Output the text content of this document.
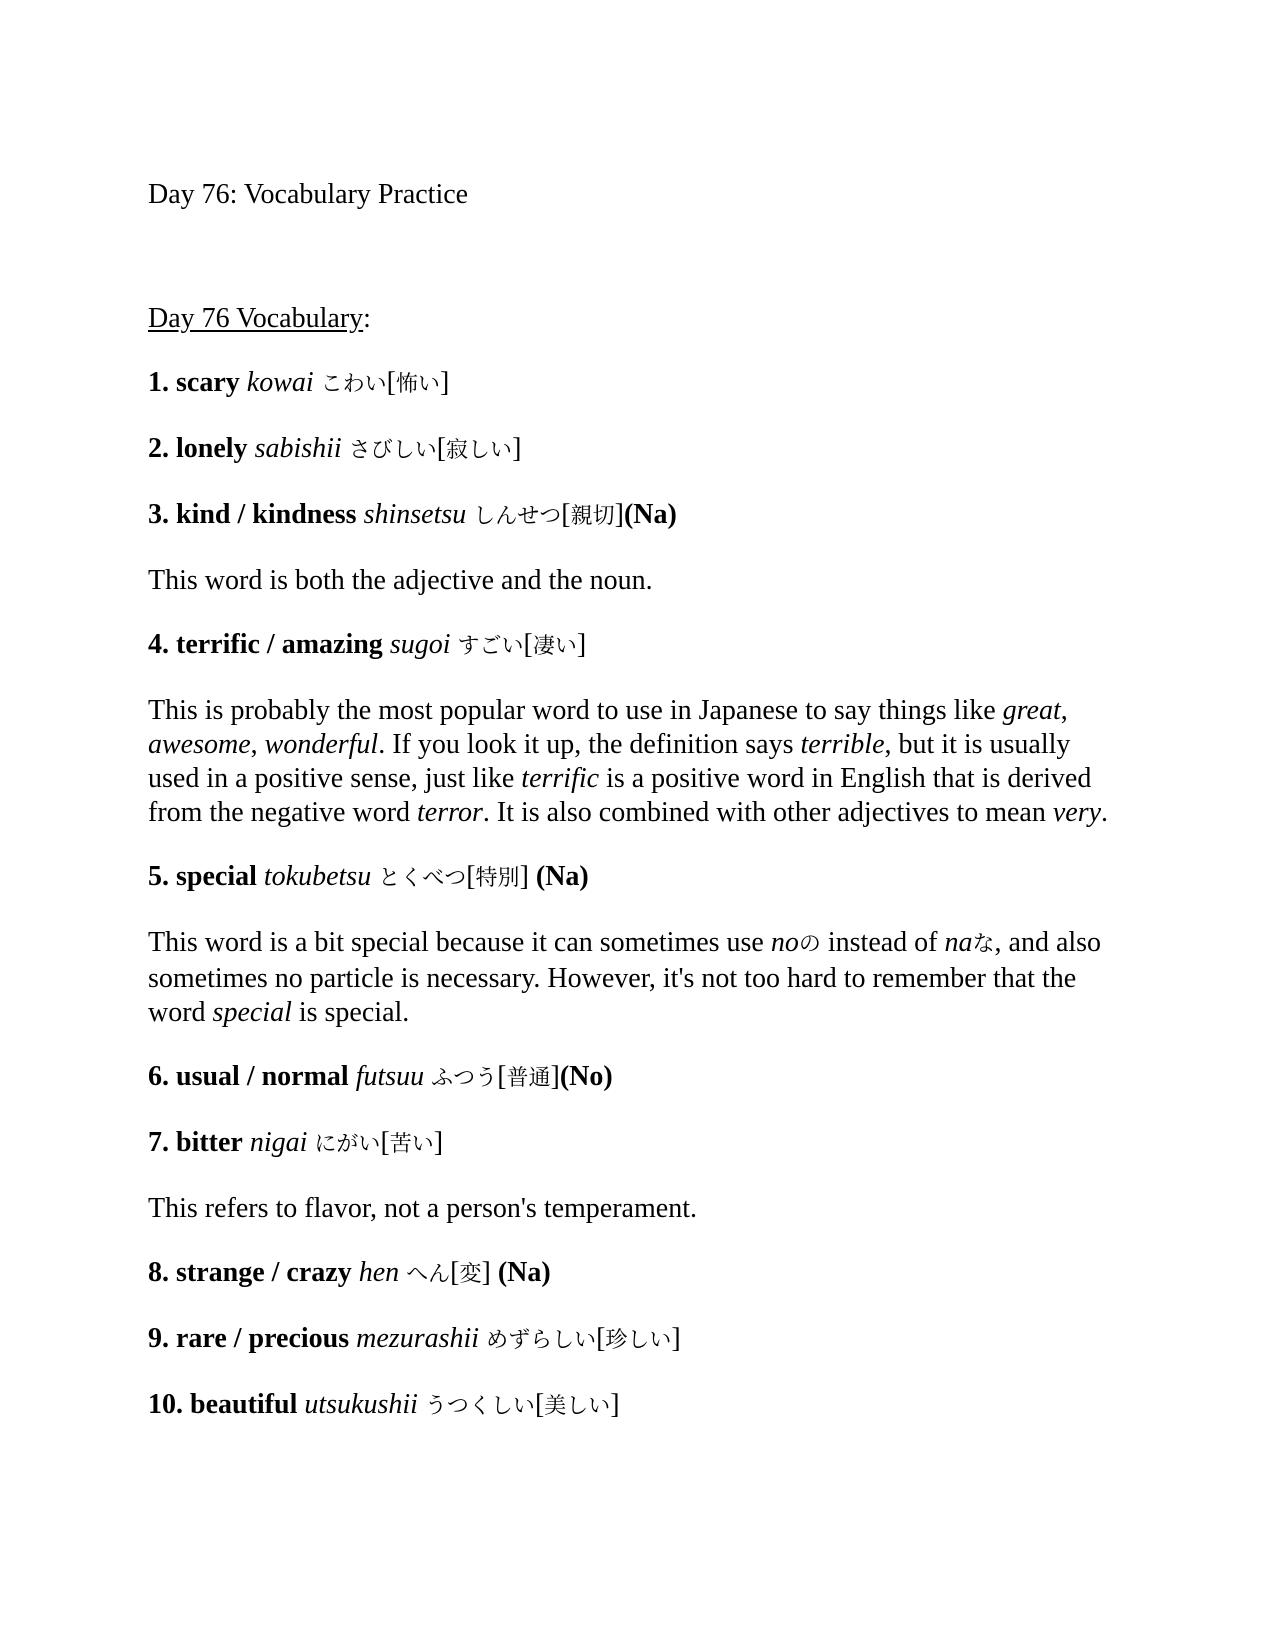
Day 76: Vocabulary Practice

Day 76 Vocabulary:

1. scary kowai こわい[怖い]

2. lonely sabishii さびしい[寂しい]

3. kind / kindness shinsetsu しんせつ[親切](Na)

This word is both the adjective and the noun.

4. terrific / amazing sugoi すごい[凄い]

This is probably the most popular word to use in Japanese to say things like great, awesome, wonderful. If you look it up, the definition says terrible, but it is usually used in a positive sense, just like terrific is a positive word in English that is derived from the negative word terror. It is also combined with other adjectives to mean very.

5. special tokubetsu とくべつ[特別] (Na)

This word is a bit special because it can sometimes use noの instead of naな, and also sometimes no particle is necessary. However, it's not too hard to remember that the word special is special.

6. usual / normal futsuu ふつう[普通](No)

7. bitter nigai にがい[苦い]

This refers to flavor, not a person's temperament.

8. strange / crazy hen へん[変] (Na)

9. rare / precious mezurashii めずらしい[珍しい]

10. beautiful utsukushii うつくしい[美しい]
